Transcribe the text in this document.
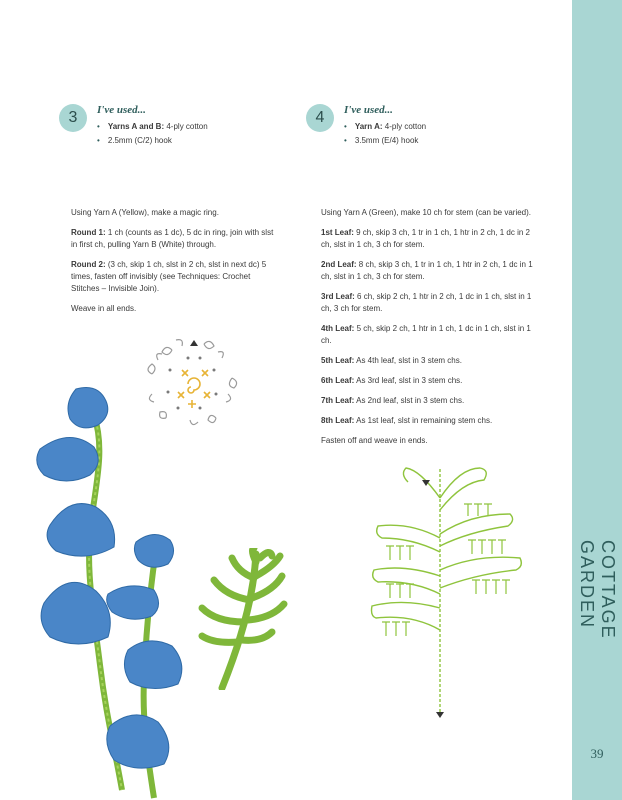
COTTAGE GARDEN
39
PassionForum.ru
3	I've used...
• Yarns A and B: 4-ply cotton
• 2.5mm (C/2) hook
4	I've used...
• Yarn A: 4-ply cotton
• 3.5mm (E/4) hook

Using Yarn A (Yellow), make a magic ring.

Round 1: 1 ch (counts as 1 dc), 5 dc in ring, join with slst in first ch, pulling Yarn B (White) through.

Round 2: (3 ch, skip 1 ch, slst in 2 ch, slst in next dc) 5 times, fasten off invisibly (see Techniques: Crochet Stitches – Invisible Join).

Weave in all ends.

Using Yarn A (Green), make 10 ch for stem (can be varied).

1st Leaf: 9 ch, skip 3 ch, 1 tr in 1 ch, 1 htr in 2 ch, 1 dc in 2 ch, slst in 1 ch, 3 ch for stem.

2nd Leaf: 8 ch, skip 3 ch, 1 tr in 1 ch, 1 htr in 2 ch, 1 dc in 1 ch, slst in 1 ch, 3 ch for stem.

3rd Leaf: 6 ch, skip 2 ch, 1 htr in 2 ch, 1 dc in 1 ch, slst in 1 ch, 3 ch for stem.

4th Leaf: 5 ch, skip 2 ch, 1 htr in 1 ch, 1 dc in 1 ch, slst in 1 ch.

5th Leaf: As 4th leaf, slst in 3 stem chs.

6th Leaf: As 3rd leaf, slst in 3 stem chs.

7th Leaf: As 2nd leaf, slst in 3 stem chs.

8th Leaf: As 1st leaf, slst in remaining stem chs.

Fasten off and weave in ends.
